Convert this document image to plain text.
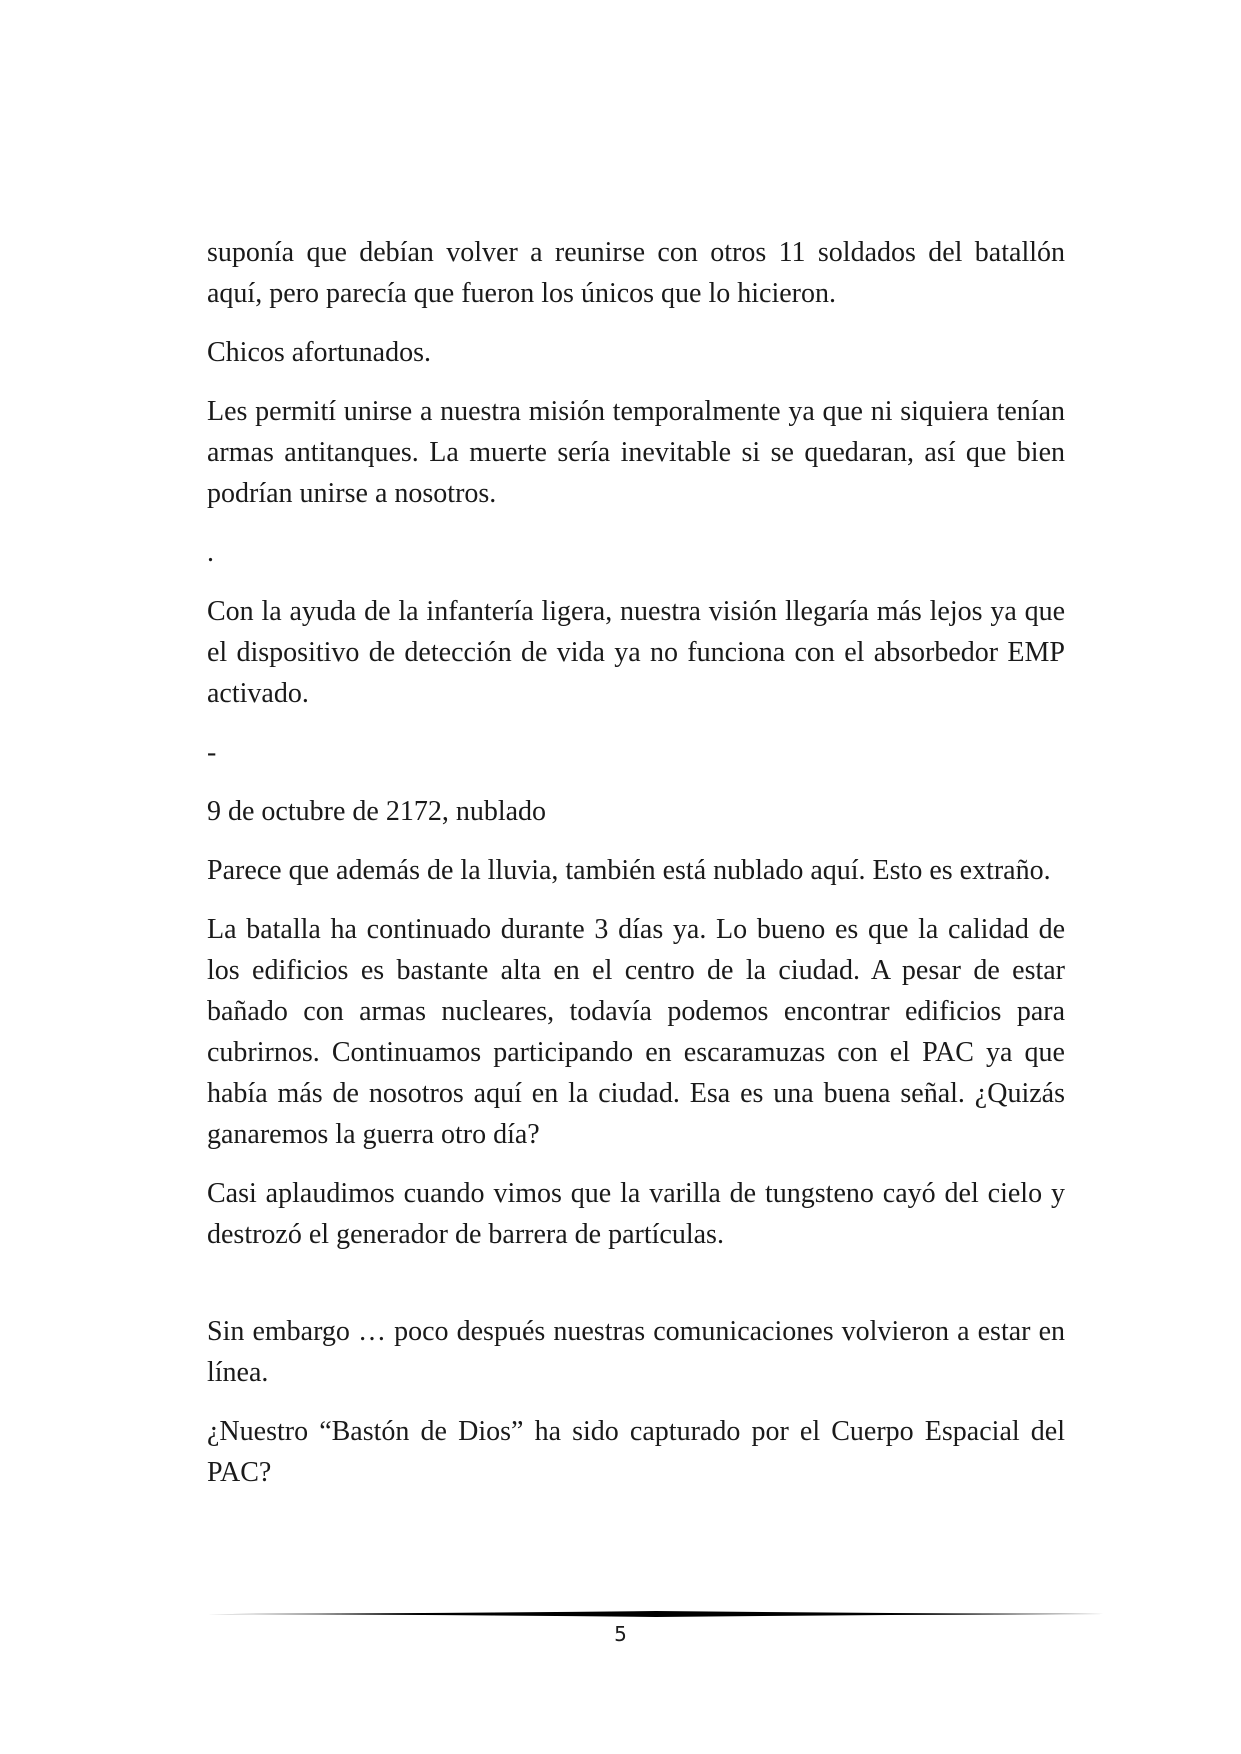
suponía que debían volver a reunirse con otros 11 soldados del batallón aquí, pero parecía que fueron los únicos que lo hicieron.

Chicos afortunados.

Les permití unirse a nuestra misión temporalmente ya que ni siquiera tenían armas antitanques. La muerte sería inevitable si se quedaran, así que bien podrían unirse a nosotros.

.

Con la ayuda de la infantería ligera, nuestra visión llegaría más lejos ya que el dispositivo de detección de vida ya no funciona con el absorbedor EMP activado.

-

9 de octubre de 2172, nublado

Parece que además de la lluvia, también está nublado aquí. Esto es extraño.

La batalla ha continuado durante 3 días ya. Lo bueno es que la calidad de los edificios es bastante alta en el centro de la ciudad. A pesar de estar bañado con armas nucleares, todavía podemos encontrar edificios para cubrirnos. Continuamos participando en escaramuzas con el PAC ya que había más de nosotros aquí en la ciudad. Esa es una buena señal. ¿Quizás ganaremos la guerra otro día?

Casi aplaudimos cuando vimos que la varilla de tungsteno cayó del cielo y destrozó el generador de barrera de partículas.

Sin embargo … poco después nuestras comunicaciones volvieron a estar en línea.

¿Nuestro “Bastón de Dios” ha sido capturado por el Cuerpo Espacial del PAC?

5
